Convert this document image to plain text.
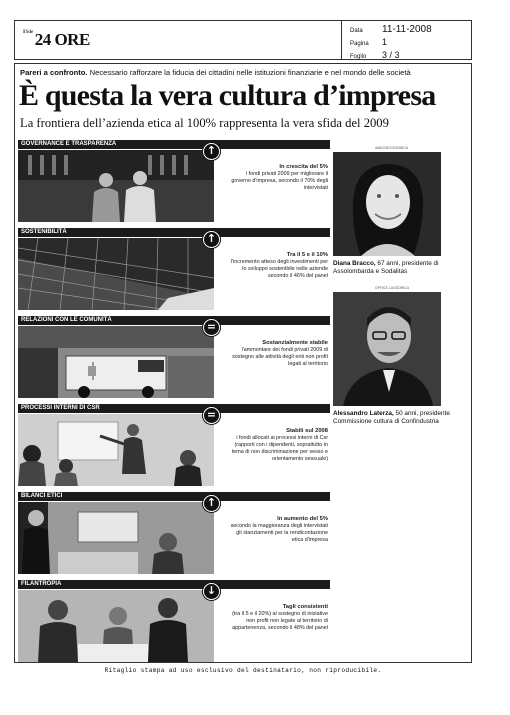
$^{Il Sole}$ 24 ORE	Data	11-11-2008
Pagina	1
Foglio	3 / 3
Pareri a confronto. Necessario rafforzare la fiducia dei cittadini nelle istituzioni finanziarie e nel mondo delle società
È questa la vera cultura d’impresa
La frontiera dell’azienda etica al 100% rappresenta la vera sfida del 2009
GOVERNANCE E TRASPARENZA	↑
In crescita del 5%
i fondi privati 2009 per migliorare il governo d'impresa, secondo il 70% degli intervistati
SOSTENIBILITÀ	↑
Tra il 5 e il 10%
l'incremento atteso degli investimenti per lo sviluppo sostenibile nelle aziende secondo il 46% del panel
RELAZIONI CON LE COMUNITÀ	=
Sostanzialmente stabile
l'ammontare dei fondi privati 2009 di sostegno alle attività degli enti non profit legati al territorio
PROCESSI INTERNI DI CSR	=
Stabili sul 2008
i fondi allocati ai processi interni di Csr (rapporti con i dipendenti, soprattutto in tema di non discriminazione per sesso e orientamento sessuale)
BILANCI ETICI	↑
In aumento del 5%
secondo la maggioranza degli intervistati gli stanziamenti per la rendicontazione etica d'impresa
FILANTROPIA	↓
Tagli consistenti
(tra il 5 e il 20%) al sostegno di iniziative non profit non legate al territorio di appartenenza, secondo il 48% del panel
IMAGOECONOMICA
Diana Bracco, 67 anni, presidente di Assolombarda e Sodalitas
OFFICE LUSSORICA
Alessandro Laterza, 50 anni, presidente Commissione cultura di Confindustria
Ritaglio stampa ad uso esclusivo del destinatario, non riproducibile.
